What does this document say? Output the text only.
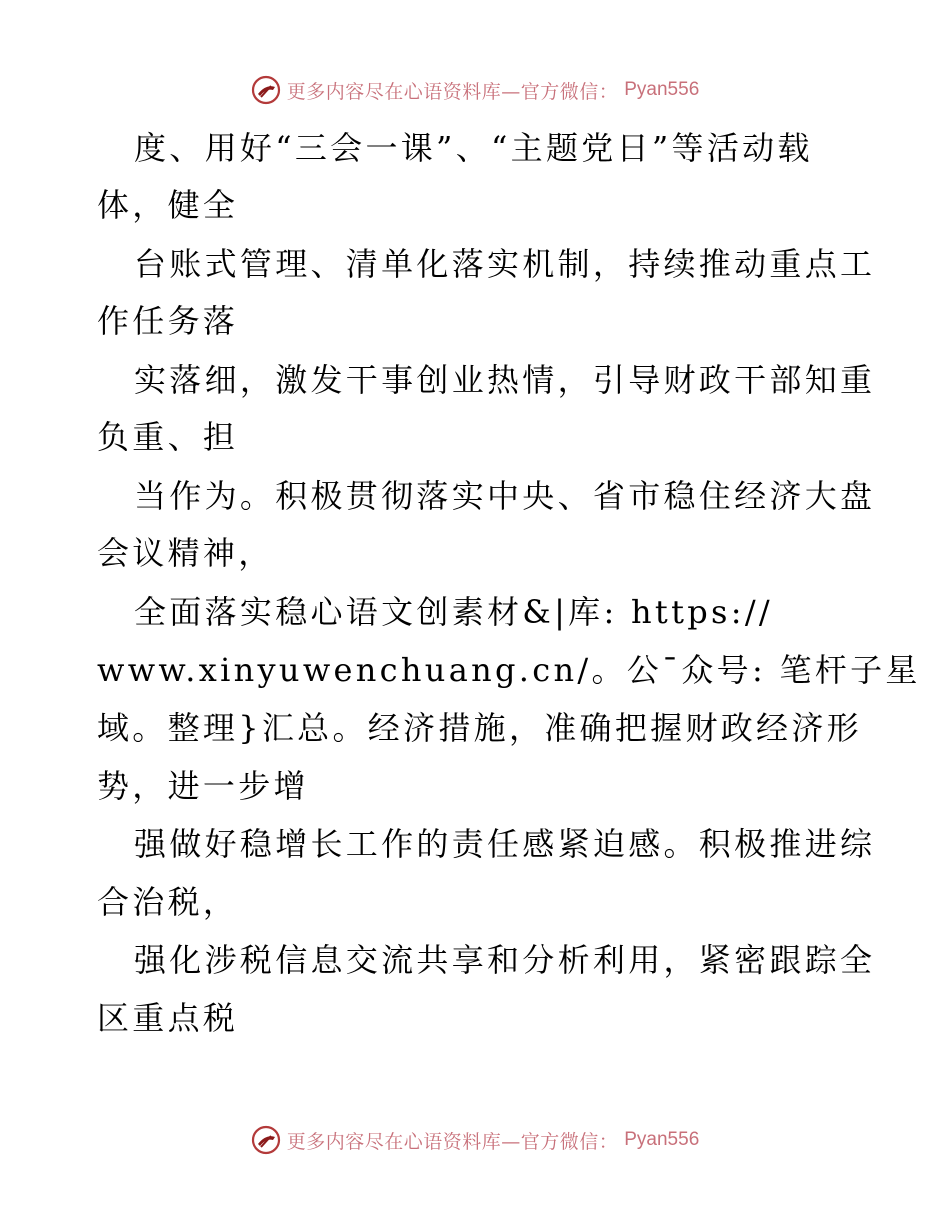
更多内容尽在心语资料库—官方微信： Pyan556
度、用好“三会一课”、“主题党日”等活动载
体，健全
台账式管理、清单化落实机制，持续推动重点工
作任务落
实落细，激发干事创业热情，引导财政干部知重
负重、担
当作为。积极贯彻落实中央、省市稳住经济大盘
会议精神，
全面落实稳心语文创素材&|库: https://
www.xinyuwenchuang.cn/。公¯众号: 笔杆子星
域。整理}汇总。经济措施，准确把握财政经济形
势，进一步增
强做好稳增长工作的责任感紧迫感。积极推进综
合治税，
强化涉税信息交流共享和分析利用，紧密跟踪全
区重点税
更多内容尽在心语资料库—官方微信： Pyan556
